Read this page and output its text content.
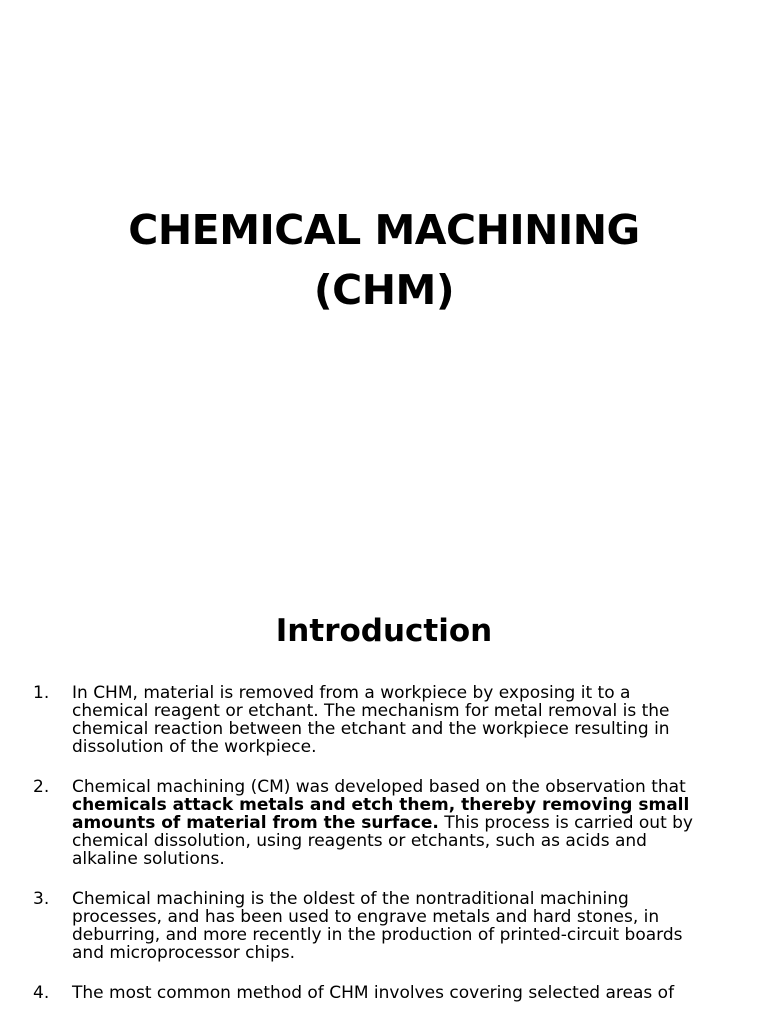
CHEMICAL MACHINING
(CHM)
Introduction
1. In CHM, material is removed from a workpiece by exposing it to a chemical reagent or etchant. The mechanism for metal removal is the chemical reaction between the etchant and the workpiece resulting in dissolution of the workpiece.
2. Chemical machining (CM) was developed based on the observation that chemicals attack metals and etch them, thereby removing small amounts of material from the surface. This process is carried out by chemical dissolution, using reagents or etchants, such as acids and alkaline solutions.
3. Chemical machining is the oldest of the nontraditional machining processes, and has been used to engrave metals and hard stones, in deburring, and more recently in the production of printed-circuit boards and microprocessor chips.
4. The most common method of CHM involves covering selected areas of
